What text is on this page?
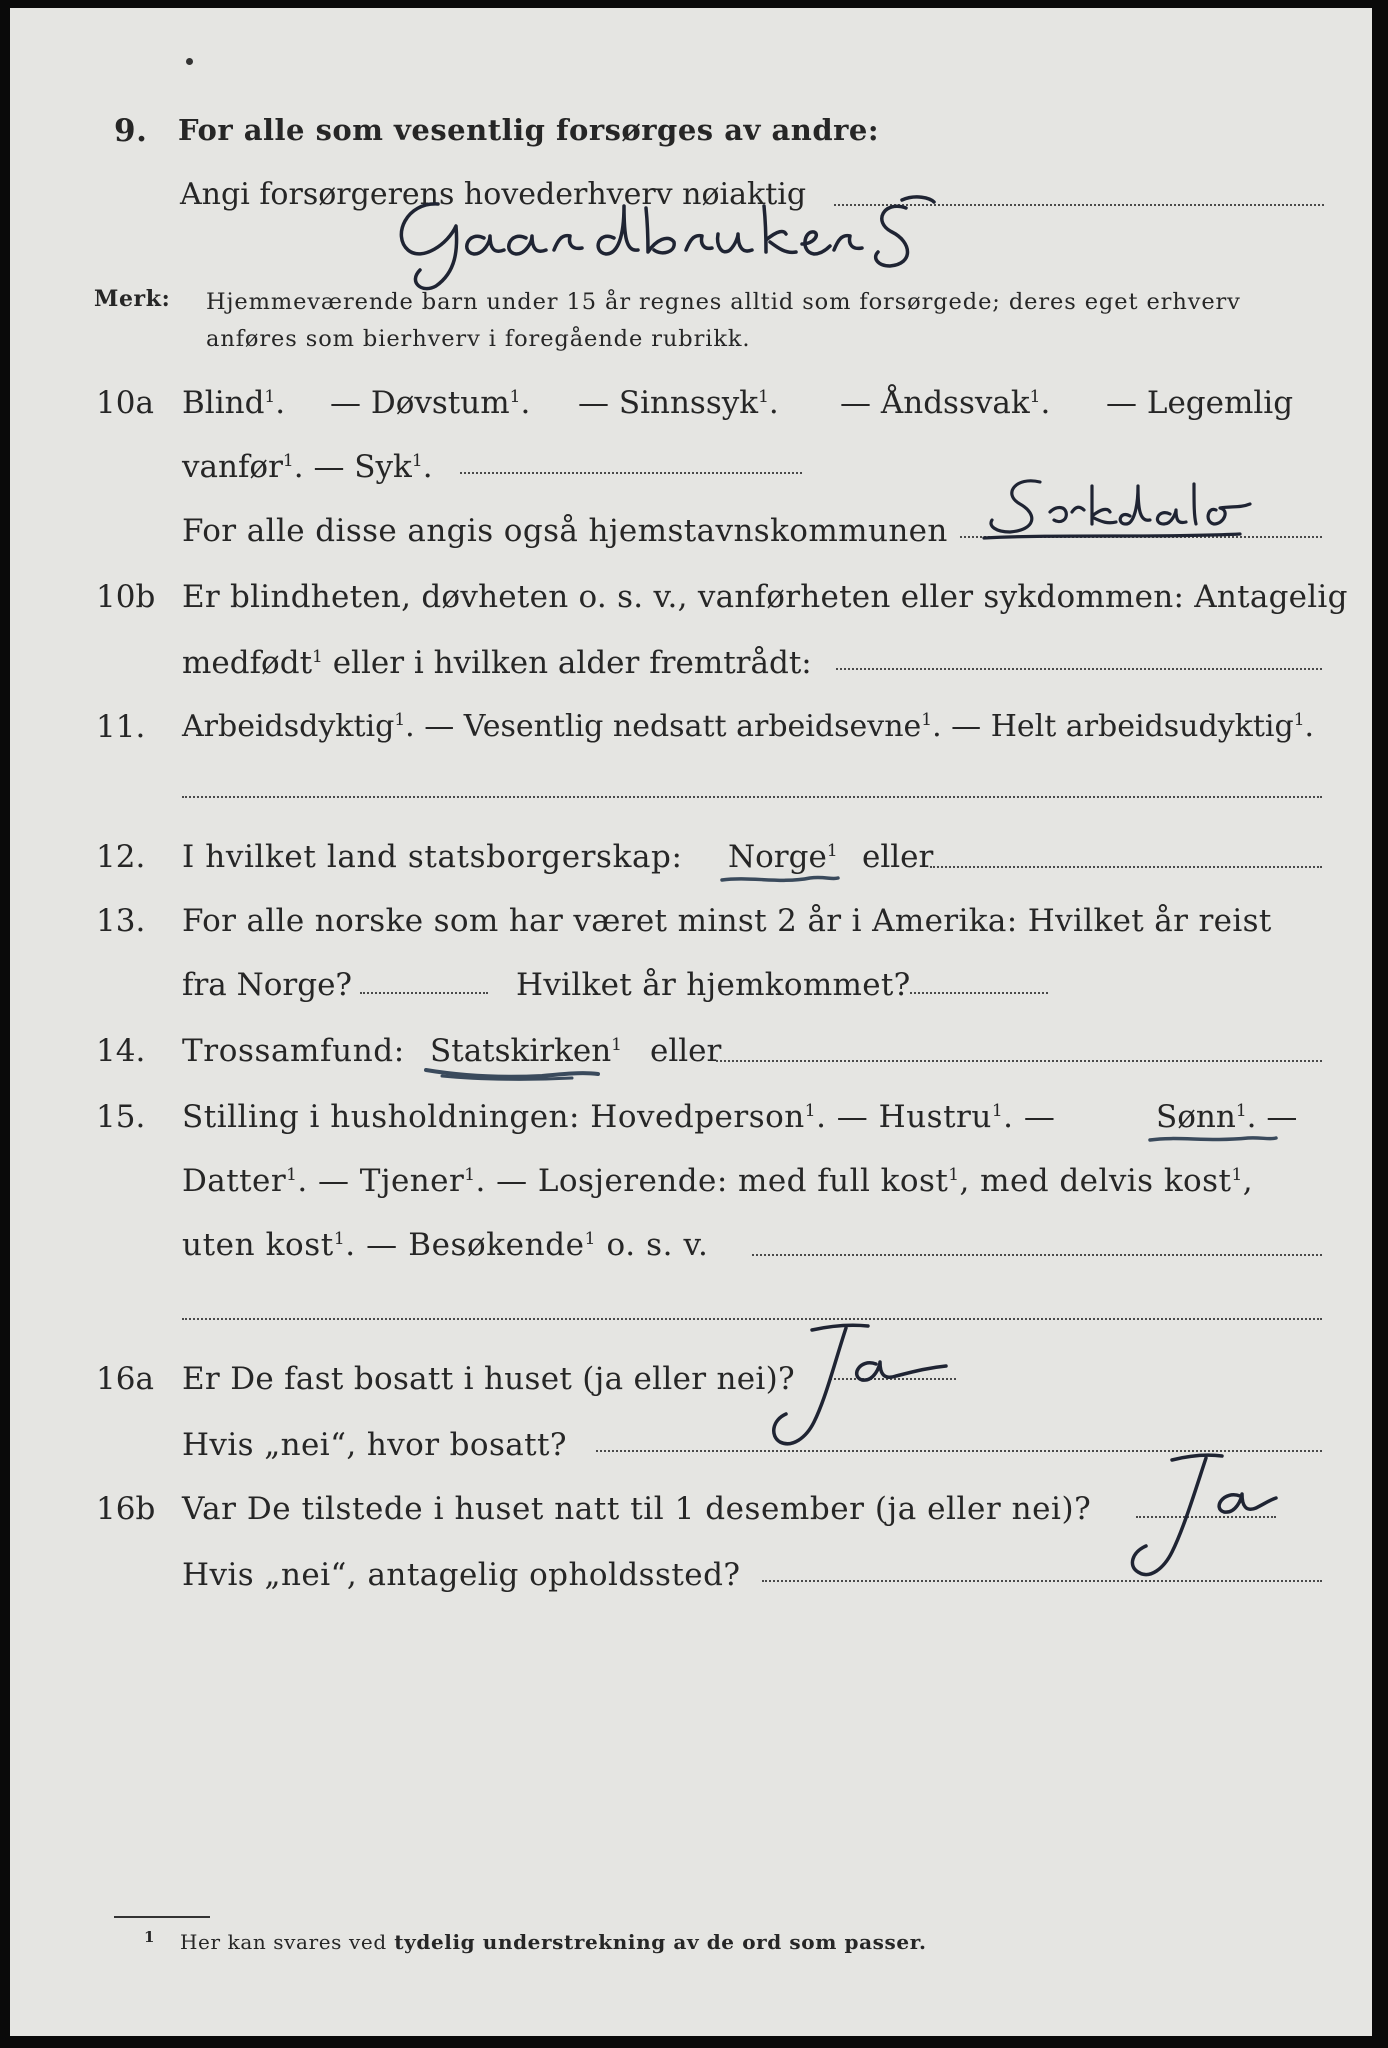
9. For alle som vesentlig forsørges av andre:
Angi forsørgerens hovederhverv nøiaktig
Merk: Hjemmeværende barn under 15 år regnes alltid som forsørgede; deres eget erhverv
anføres som bierhverv i foregående rubrikk.
10a Blind$^1$. — Døvstum$^1$. — Sinnssyk$^1$. — Åndssvak$^1$. — Legemlig
vanfør$^1$. — Syk$^1$.
For alle disse angis også hjemstavnskommunen
10b Er blindheten, døvheten o. s. v., vanførheten eller sykdommen: Antagelig
medfødt$^1$ eller i hvilken alder fremtrådt:
11. Arbeidsdyktig$^1$. — Vesentlig nedsatt arbeidsevne$^1$. — Helt arbeidsudyktig$^1$.
12. I hvilket land statsborgerskap: Norge$^1$ eller
13. For alle norske som har været minst 2 år i Amerika: Hvilket år reist
fra Norge?	Hvilket år hjemkommet?
14. Trossamfund: Statskirken$^1$ eller
15. Stilling i husholdningen: Hovedperson$^1$. — Hustru$^1$. —	Sønn$^1$. —
Datter$^1$. — Tjener$^1$. — Losjerende: med full kost$^1$, med delvis kost$^1$,
uten kost$^1$. — Besøkende$^1$ o. s. v.
16a Er De fast bosatt i huset (ja eller nei)?
Hvis „nei“, hvor bosatt?
16b Var De tilstede i huset natt til 1 desember (ja eller nei)?
Hvis „nei“, antagelig opholdssted?
1 Her kan svares ved tydelig understrekning av de ord som passer.
